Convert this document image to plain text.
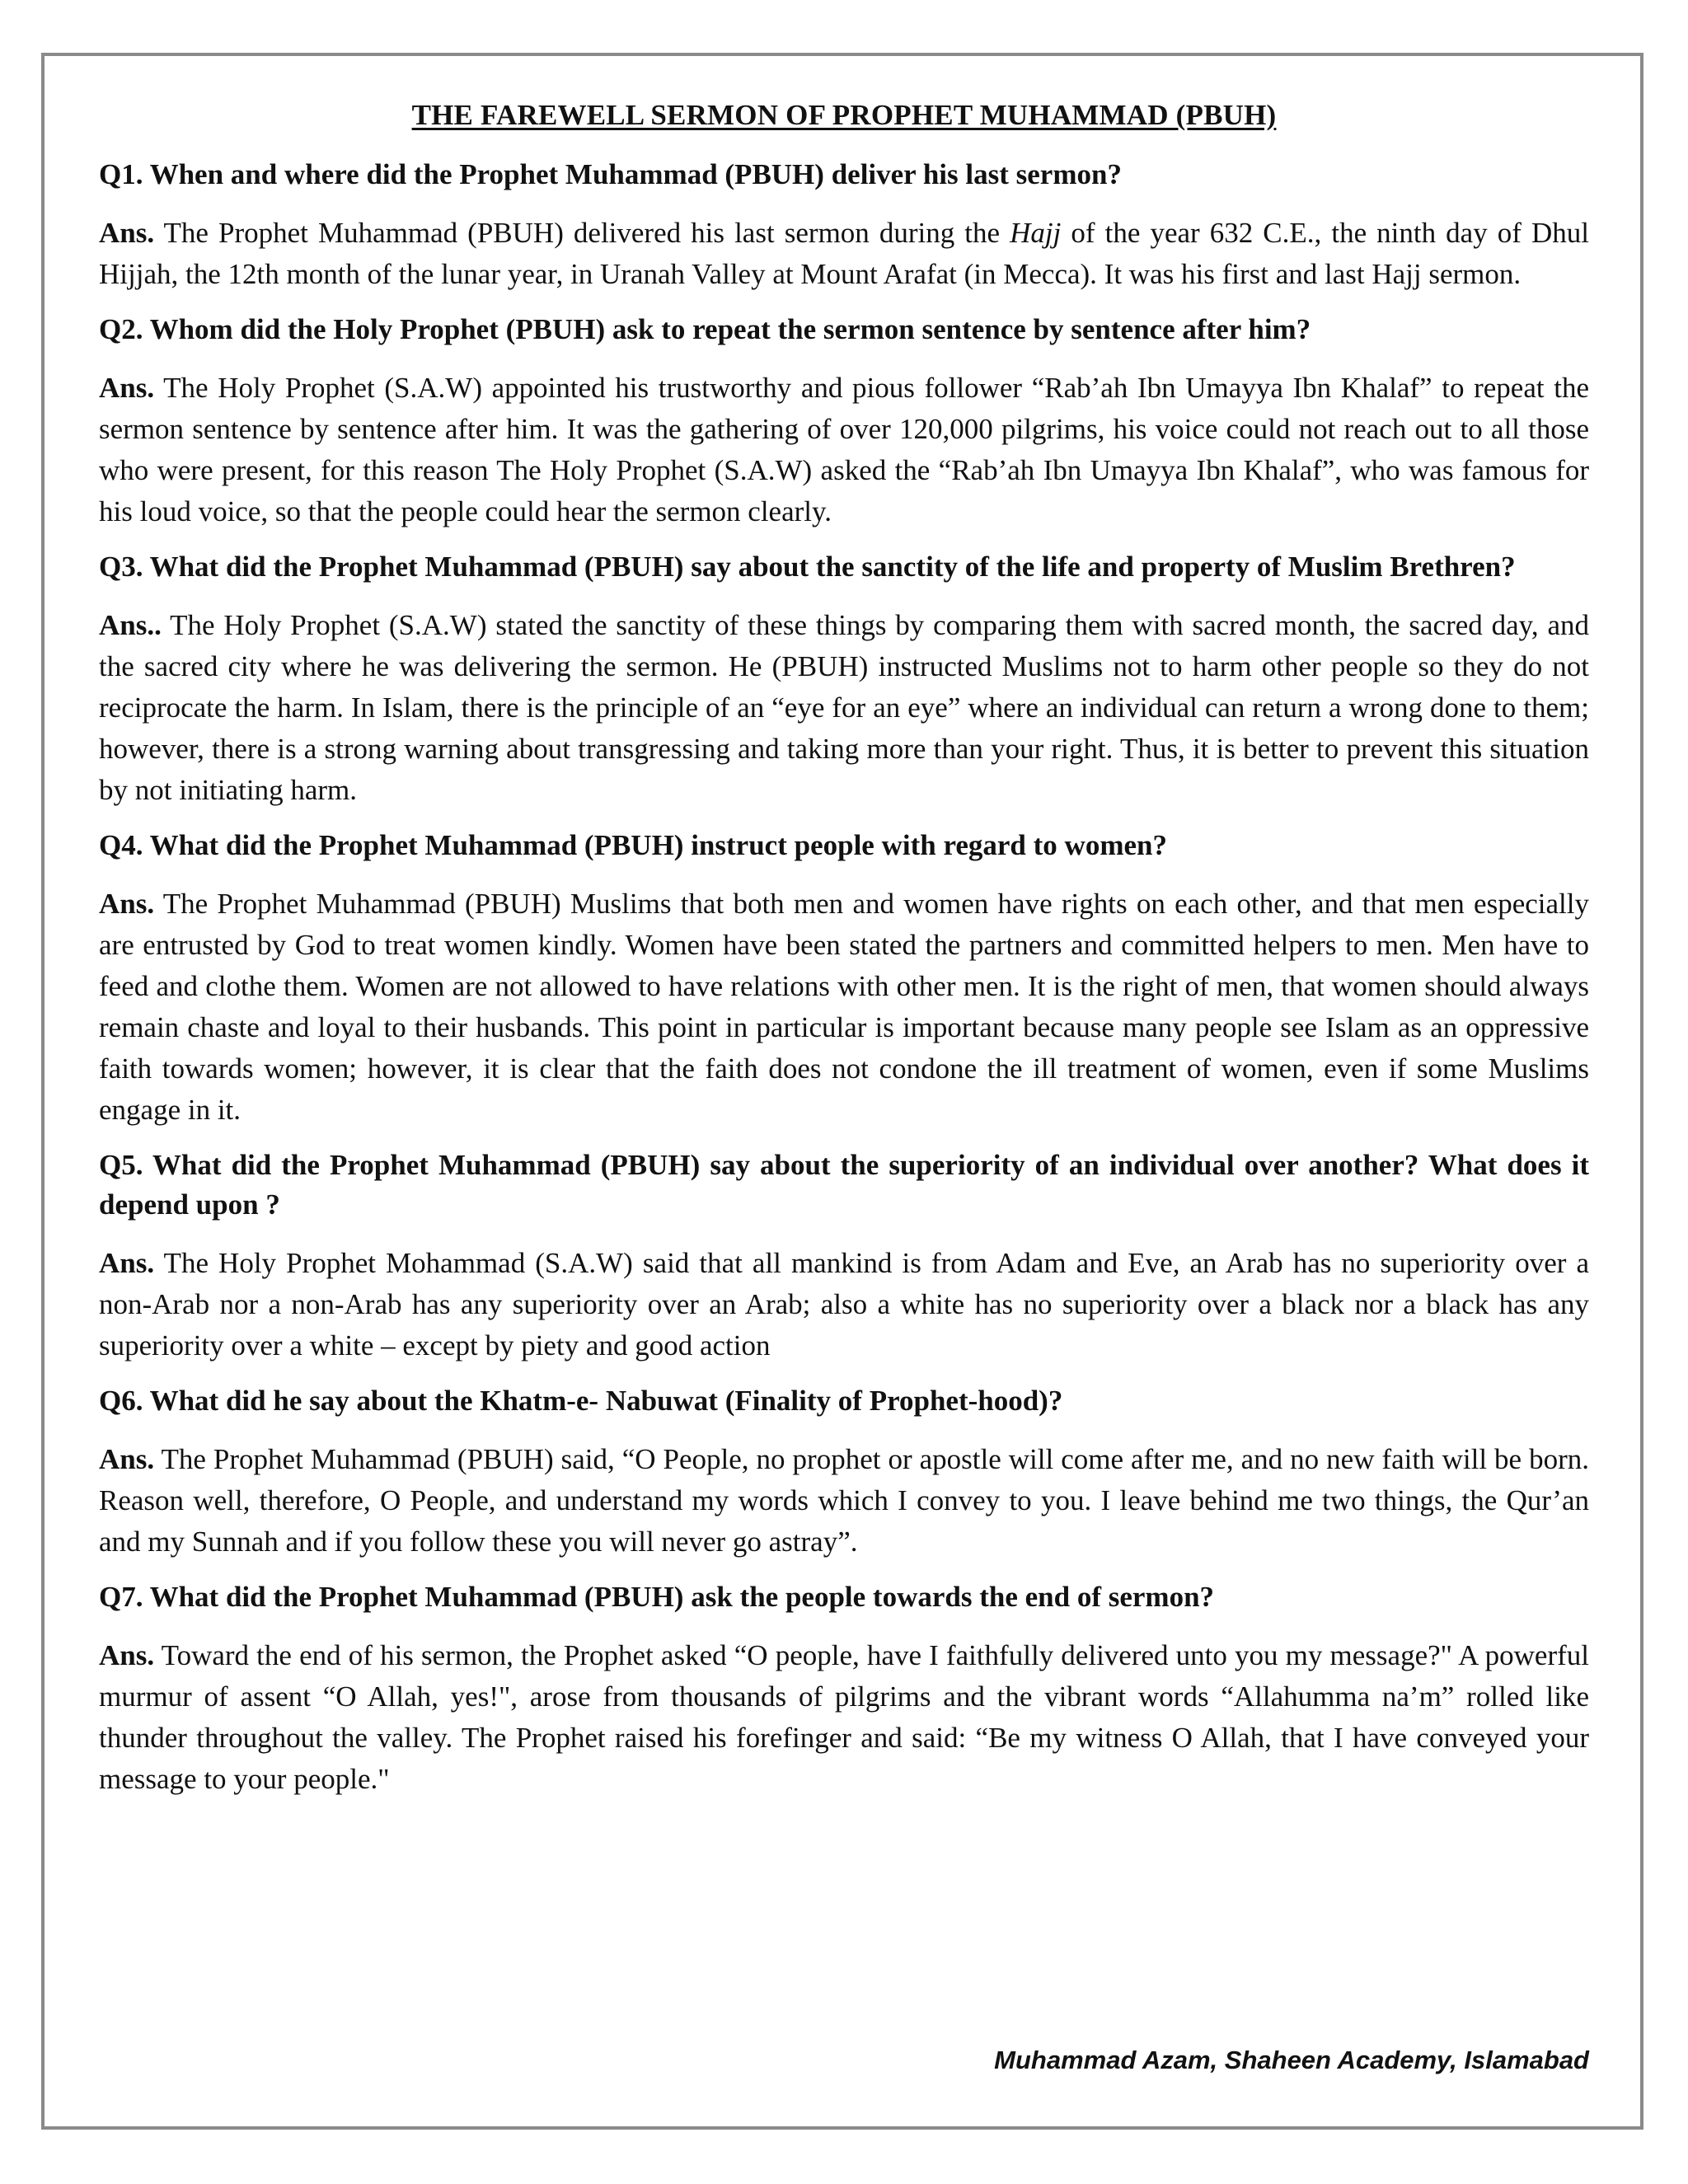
THE FAREWELL SERMON OF PROPHET MUHAMMAD (PBUH)
Q1. When and where did the Prophet Muhammad (PBUH) deliver his last sermon?
Ans. The Prophet Muhammad (PBUH) delivered his last sermon during the Hajj of the year 632 C.E., the ninth day of Dhul Hijjah, the 12th month of the lunar year, in Uranah Valley at Mount Arafat (in Mecca). It was his first and last Hajj sermon.
Q2. Whom did the Holy Prophet (PBUH) ask to repeat the sermon sentence by sentence after him?
Ans. The Holy Prophet (S.A.W) appointed his trustworthy and pious follower “Rab’ah Ibn Umayya Ibn Khalaf” to repeat the sermon sentence by sentence after him. It was the gathering of over 120,000 pilgrims, his voice could not reach out to all those who were present, for this reason The Holy Prophet (S.A.W) asked the “Rab’ah Ibn Umayya Ibn Khalaf”, who was famous for his loud voice, so that the people could hear the sermon clearly.
Q3. What did the Prophet Muhammad (PBUH) say about the sanctity of the life and property of Muslim Brethren?
Ans.. The Holy Prophet (S.A.W) stated the sanctity of these things by comparing them with sacred month, the sacred day, and the sacred city where he was delivering the sermon. He (PBUH) instructed Muslims not to harm other people so they do not reciprocate the harm. In Islam, there is the principle of an “eye for an eye” where an individual can return a wrong done to them; however, there is a strong warning about transgressing and taking more than your right. Thus, it is better to prevent this situation by not initiating harm.
Q4. What did the Prophet Muhammad (PBUH) instruct people with regard to women?
Ans. The Prophet Muhammad (PBUH) Muslims that both men and women have rights on each other, and that men especially are entrusted by God to treat women kindly. Women have been stated the partners and committed helpers to men. Men have to feed and clothe them. Women are not allowed to have relations with other men. It is the right of men, that women should always remain chaste and loyal to their husbands. This point in particular is important because many people see Islam as an oppressive faith towards women; however, it is clear that the faith does not condone the ill treatment of women, even if some Muslims engage in it.
Q5. What did the Prophet Muhammad (PBUH) say about the superiority of an individual over another? What does it depend upon ?
Ans. The Holy Prophet Mohammad (S.A.W) said that all mankind is from Adam and Eve, an Arab has no superiority over a non-Arab nor a non-Arab has any superiority over an Arab; also a white has no superiority over a black nor a black has any superiority over a white – except by piety and good action
Q6. What did he say about the Khatm-e- Nabuwat (Finality of Prophet-hood)?
Ans. The Prophet Muhammad (PBUH) said, “O People, no prophet or apostle will come after me, and no new faith will be born. Reason well, therefore, O People, and understand my words which I convey to you. I leave behind me two things, the Qur’an and my Sunnah and if you follow these you will never go astray”.
Q7. What did the Prophet Muhammad (PBUH) ask the people towards the end of sermon?
Ans. Toward the end of his sermon, the Prophet asked “O people, have I faithfully delivered unto you my message?" A powerful murmur of assent “O Allah, yes!", arose from thousands of pilgrims and the vibrant words “Allahumma na’m” rolled like thunder throughout the valley. The Prophet raised his forefinger and said: “Be my witness O Allah, that I have conveyed your message to your people."
Muhammad Azam, Shaheen Academy, Islamabad
